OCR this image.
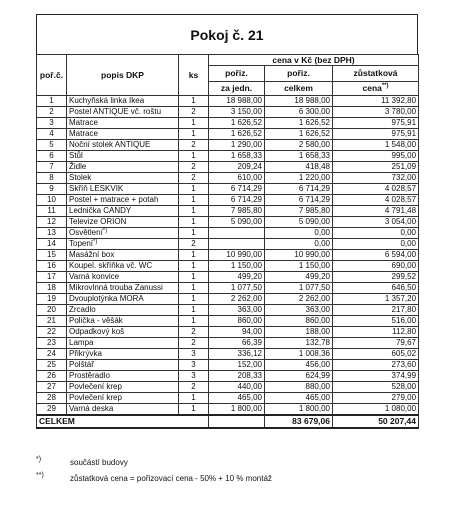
Pokoj č. 21
poř.č.	popis DKP	ks	cena v Kč (bez DPH)		
			pořiz.	pořiz.	zůstatková
			za jedn.	celkem	cena**)
1	Kuchyňská linka Ikea	1	18 988,00	18 988,00	11 392,80
2	Postel ANTIQUE vč. roštu	2	3 150,00	6 300,00	3 780,00
3	Matrace	1	1 626,52	1 626,52	975,91
4	Matrace	1	1 626,52	1 626,52	975,91
5	Noční stolek ANTIQUE	2	1 290,00	2 580,00	1 548,00
6	Stůl	1	1 658,33	1 658,33	995,00
7	Židle	2	209,24	418,48	251,09
8	Stolek	2	610,00	1 220,00	732,00
9	Skříň LESKVIK	1	6 714,29	6 714,29	4 028,57
10	Postel + matrace + potah	1	6 714,29	6 714,29	4 028,57
11	Lednička CANDY	1	7 985,80	7 985,80	4 791,48
12	Televize ORION	1	5 090,00	5 090,00	3 054,00
13	Osvětlení*)	1		0,00	0,00
14	Topení*)	2		0,00	0,00
15	Masážní box	1	10 990,00	10 990,00	6 594,00
16	Koupel. skříňka vč. WC	1	1 150,00	1 150,00	690,00
17	Varná konvice	1	499,20	499,20	299,52
18	Mikrovlnná trouba Zanussi	1	1 077,50	1 077,50	646,50
19	Dvouplotýnka MORA	1	2 262,00	2 262,00	1 357,20
20	Zrcadlo	1	363,00	363,00	217,80
21	Polička - věšák	1	860,00	860,00	516,00
22	Odpadkový koš	2	94,00	188,00	112,80
23	Lampa	2	66,39	132,78	79,67
24	Přikrývka	3	336,12	1 008,36	605,02
25	Polštář	3	152,00	456,00	273,60
26	Prostěradlo	3	208,33	624,99	374,99
27	Povlečení krep	2	440,00	880,00	528,00
28	Povlečení krep	1	465,00	465,00	279,00
29	Varná deska	1	1 800,00	1 800,00	1 080,00
CELKEM				83 679,06	50 207,44
*)	součástí budovy
**)	zůstatková cena = pořizovací cena - 50% + 10 % montáž
